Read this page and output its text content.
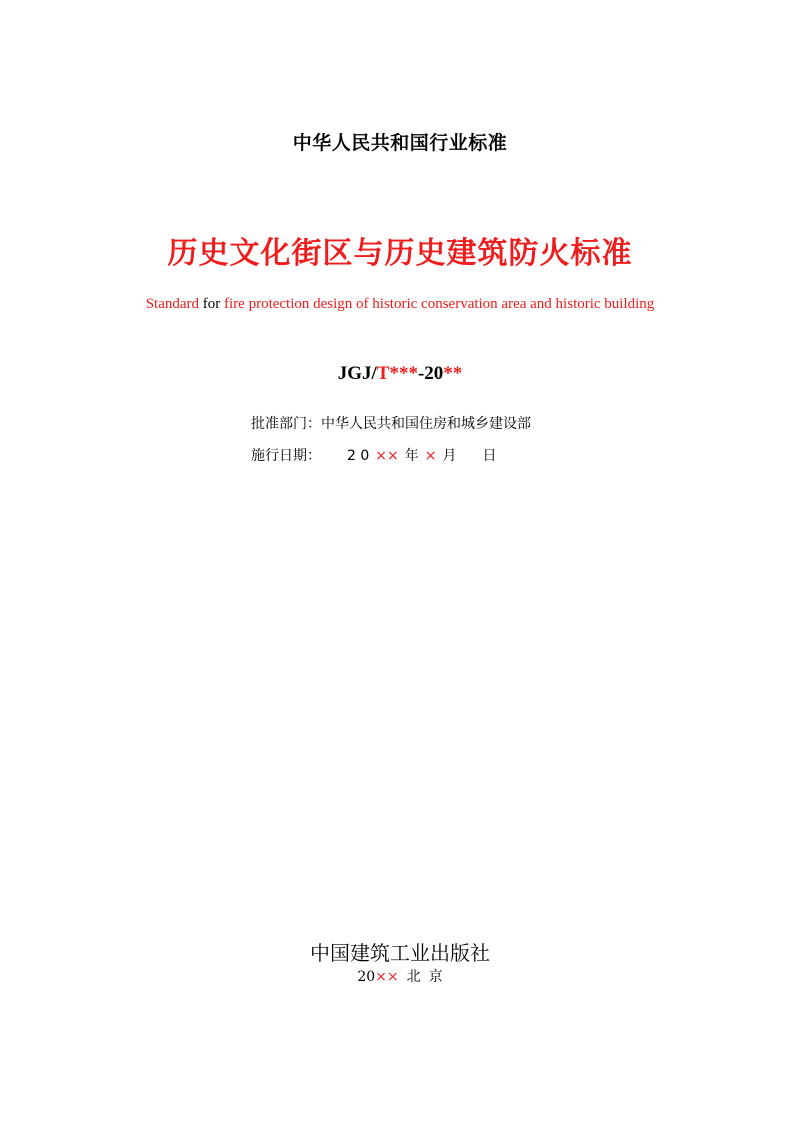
中华人民共和国行业标准
历史文化街区与历史建筑防火标准
Standard for fire protection design of historic conservation area and historic building
JGJ/T***-20**
批准部门：中华人民共和国住房和城乡建设部
施行日期： 2 0 ×× 年 × 月 日
中国建筑工业出版社
20×× 北 京
